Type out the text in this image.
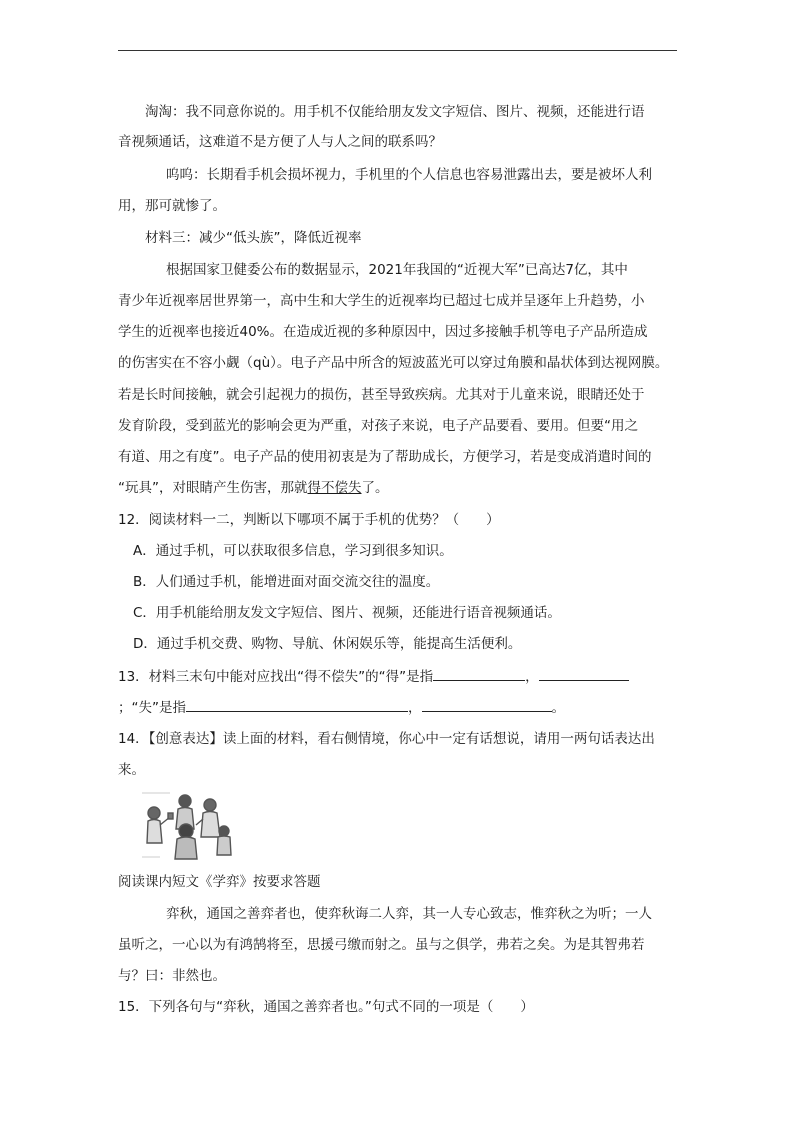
淘淘：我不同意你说的。用手机不仅能给朋友发文字短信、图片、视频，还能进行语
音视频通话，这难道不是方便了人与人之间的联系吗？
呜呜：长期看手机会损坏视力，手机里的个人信息也容易泄露出去，要是被坏人利
用，那可就惨了。
材料三：减少“低头族”，降低近视率
根据国家卫健委公布的数据显示，2021年我国的“近视大军”已高达7亿，其中
青少年近视率居世界第一，高中生和大学生的近视率均已超过七成并呈逐年上升趋势，小
学生的近视率也接近40%。在造成近视的多种原因中，因过多接触手机等电子产品所造成
的伤害实在不容小觑（qù）。电子产品中所含的短波蓝光可以穿过角膜和晶状体到达视网膜。
若是长时间接触，就会引起视力的损伤，甚至导致疾病。尤其对于儿童来说，眼睛还处于
发育阶段，受到蓝光的影响会更为严重，对孩子来说，电子产品要看、要用。但要“用之
有道、用之有度”。电子产品的使用初衷是为了帮助成长，方便学习，若是变成消遣时间的
“玩具”，对眼睛产生伤害，那就得不偿失了。
12．阅读材料一二，判断以下哪项不属于手机的优势？（　　）
A．通过手机，可以获取很多信息，学习到很多知识。
B．人们通过手机，能增进面对面交流交往的温度。
C．用手机能给朋友发文字短信、图片、视频，还能进行语音视频通话。
D．通过手机交费、购物、导航、休闲娱乐等，能提高生活便利。
13．材料三末句中能对应找出“得不偿失”的“得”是指	，
；“失”是指	，	。
14．【创意表达】读上面的材料，看右侧情境，你心中一定有话想说，请用一两句话表达出
来。
阅读课内短文《学弈》按要求答题
弈秋，通国之善弈者也，使弈秋诲二人弈，其一人专心致志，惟弈秋之为听；一人
虽听之，一心以为有鸿鹄将至，思援弓缴而射之。虽与之俱学，弗若之矣。为是其智弗若
与？曰：非然也。
15．下列各句与“弈秋，通国之善弈者也。”句式不同的一项是（　　）
